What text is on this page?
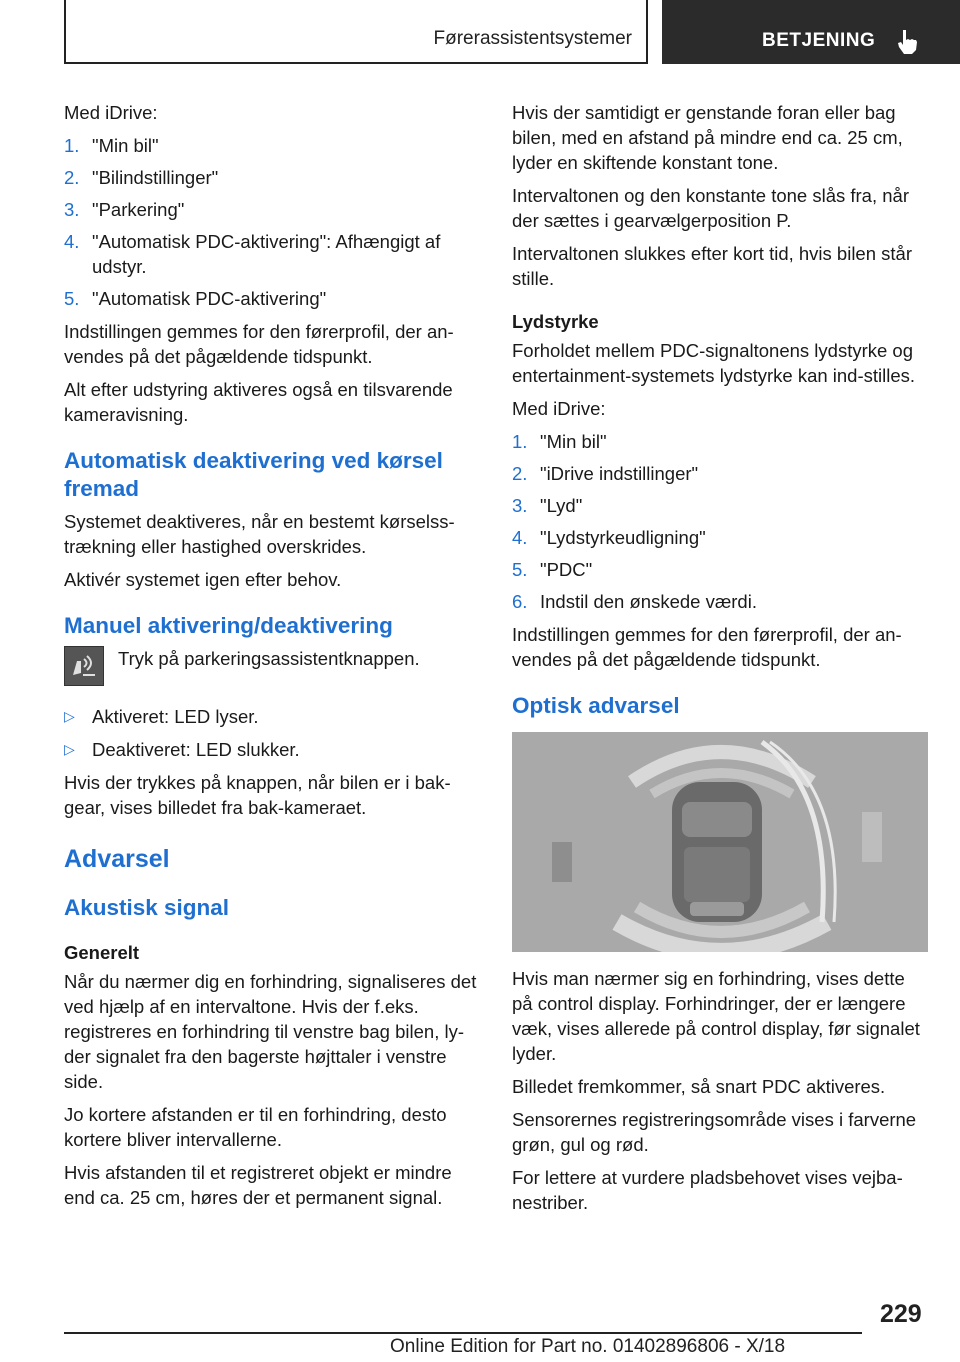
Førerassistentsystemer	BETJENING

Med iDrive:

1. "Min bil"
2. "Bilindstillinger"
3. "Parkering"
4. "Automatisk PDC-aktivering": Afhængigt af udstyr.
5. "Automatisk PDC-aktivering"

Indstillingen gemmes for den førerprofil, der an-vendes på det pågældende tidspunkt.

Alt efter udstyring aktiveres også en tilsvarende kameravisning.

Automatisk deaktivering ved kørsel fremad

Systemet deaktiveres, når en bestemt kørselss-trækning eller hastighed overskrides.

Aktivér systemet igen efter behov.

Manuel aktivering/deaktivering
Tryk på parkeringsassistentknappen.
▷ Aktiveret: LED lyser.
▷ Deaktiveret: LED slukker.

Hvis der trykkes på knappen, når bilen er i bak-gear, vises billedet fra bak-kameraet.

Advarsel
Akustisk signal
Generelt

Når du nærmer dig en forhindring, signaliseres det ved hjælp af en intervaltone. Hvis der f.eks. registreres en forhindring til venstre bag bilen, ly-der signalet fra den bagerste højttaler i venstre side.

Jo kortere afstanden er til en forhindring, desto kortere bliver intervallerne.

Hvis afstanden til et registreret objekt er mindre end ca. 25 cm, høres der et permanent signal.

Hvis der samtidigt er genstande foran eller bag bilen, med en afstand på mindre end ca. 25 cm, lyder en skiftende konstant tone.

Intervaltonen og den konstante tone slås fra, når der sættes i gearvælgerposition P.

Intervaltonen slukkes efter kort tid, hvis bilen står stille.

Lydstyrke

Forholdet mellem PDC-signaltonens lydstyrke og entertainment-systemets lydstyrke kan ind-stilles.

Med iDrive:

1. "Min bil"
2. "iDrive indstillinger"
3. "Lyd"
4. "Lydstyrkeudligning"
5. "PDC"
6. Indstil den ønskede værdi.

Indstillingen gemmes for den førerprofil, der an-vendes på det pågældende tidspunkt.

Optisk advarsel

Hvis man nærmer sig en forhindring, vises dette på control display. Forhindringer, der er længere væk, vises allerede på control display, før signalet lyder.

Billedet fremkommer, så snart PDC aktiveres.

Sensorernes registreringsområde vises i farverne grøn, gul og rød.

For lettere at vurdere pladsbehovet vises vejba-nestriber.

229
Online Edition for Part no. 01402896806 - X/18
